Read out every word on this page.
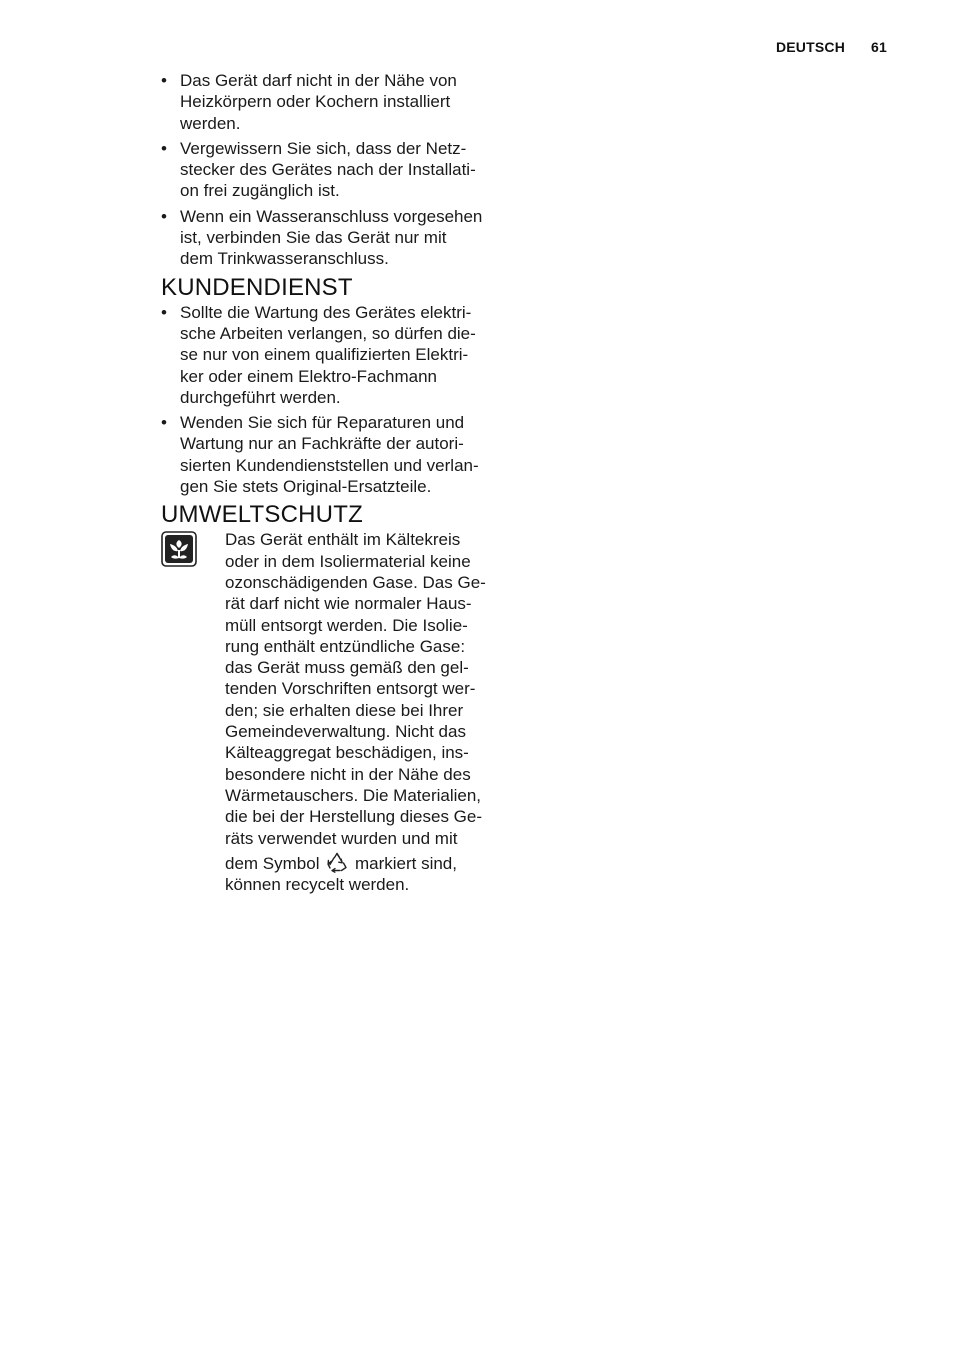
DEUTSCH 61
• Das Gerät darf nicht in der Nähe von
Heizkörpern oder Kochern installiert
werden.
• Vergewissern Sie sich, dass der Netz-
stecker des Gerätes nach der Installati-
on frei zugänglich ist.
• Wenn ein Wasseranschluss vorgesehen
ist, verbinden Sie das Gerät nur mit
dem Trinkwasseranschluss.
KUNDENDIENST
• Sollte die Wartung des Gerätes elektri-
sche Arbeiten verlangen, so dürfen die-
se nur von einem qualifizierten Elektri-
ker oder einem Elektro-Fachmann
durchgeführt werden.
• Wenden Sie sich für Reparaturen und
Wartung nur an Fachkräfte der autori-
sierten Kundendienststellen und verlan-
gen Sie stets Original-Ersatzteile.
UMWELTSCHUTZ
Das Gerät enthält im Kältekreis
oder in dem Isoliermaterial keine
ozonschädigenden Gase. Das Ge-
rät darf nicht wie normaler Haus-
müll entsorgt werden. Die Isolie-
rung enthält entzündliche Gase:
das Gerät muss gemäß den gel-
tenden Vorschriften entsorgt wer-
den; sie erhalten diese bei Ihrer
Gemeindeverwaltung. Nicht das
Kälteaggregat beschädigen, ins-
besondere nicht in der Nähe des
Wärmetauschers. Die Materialien,
die bei der Herstellung dieses Ge-
räts verwendet wurden und mit
dem Symbol markiert sind,
können recycelt werden.
